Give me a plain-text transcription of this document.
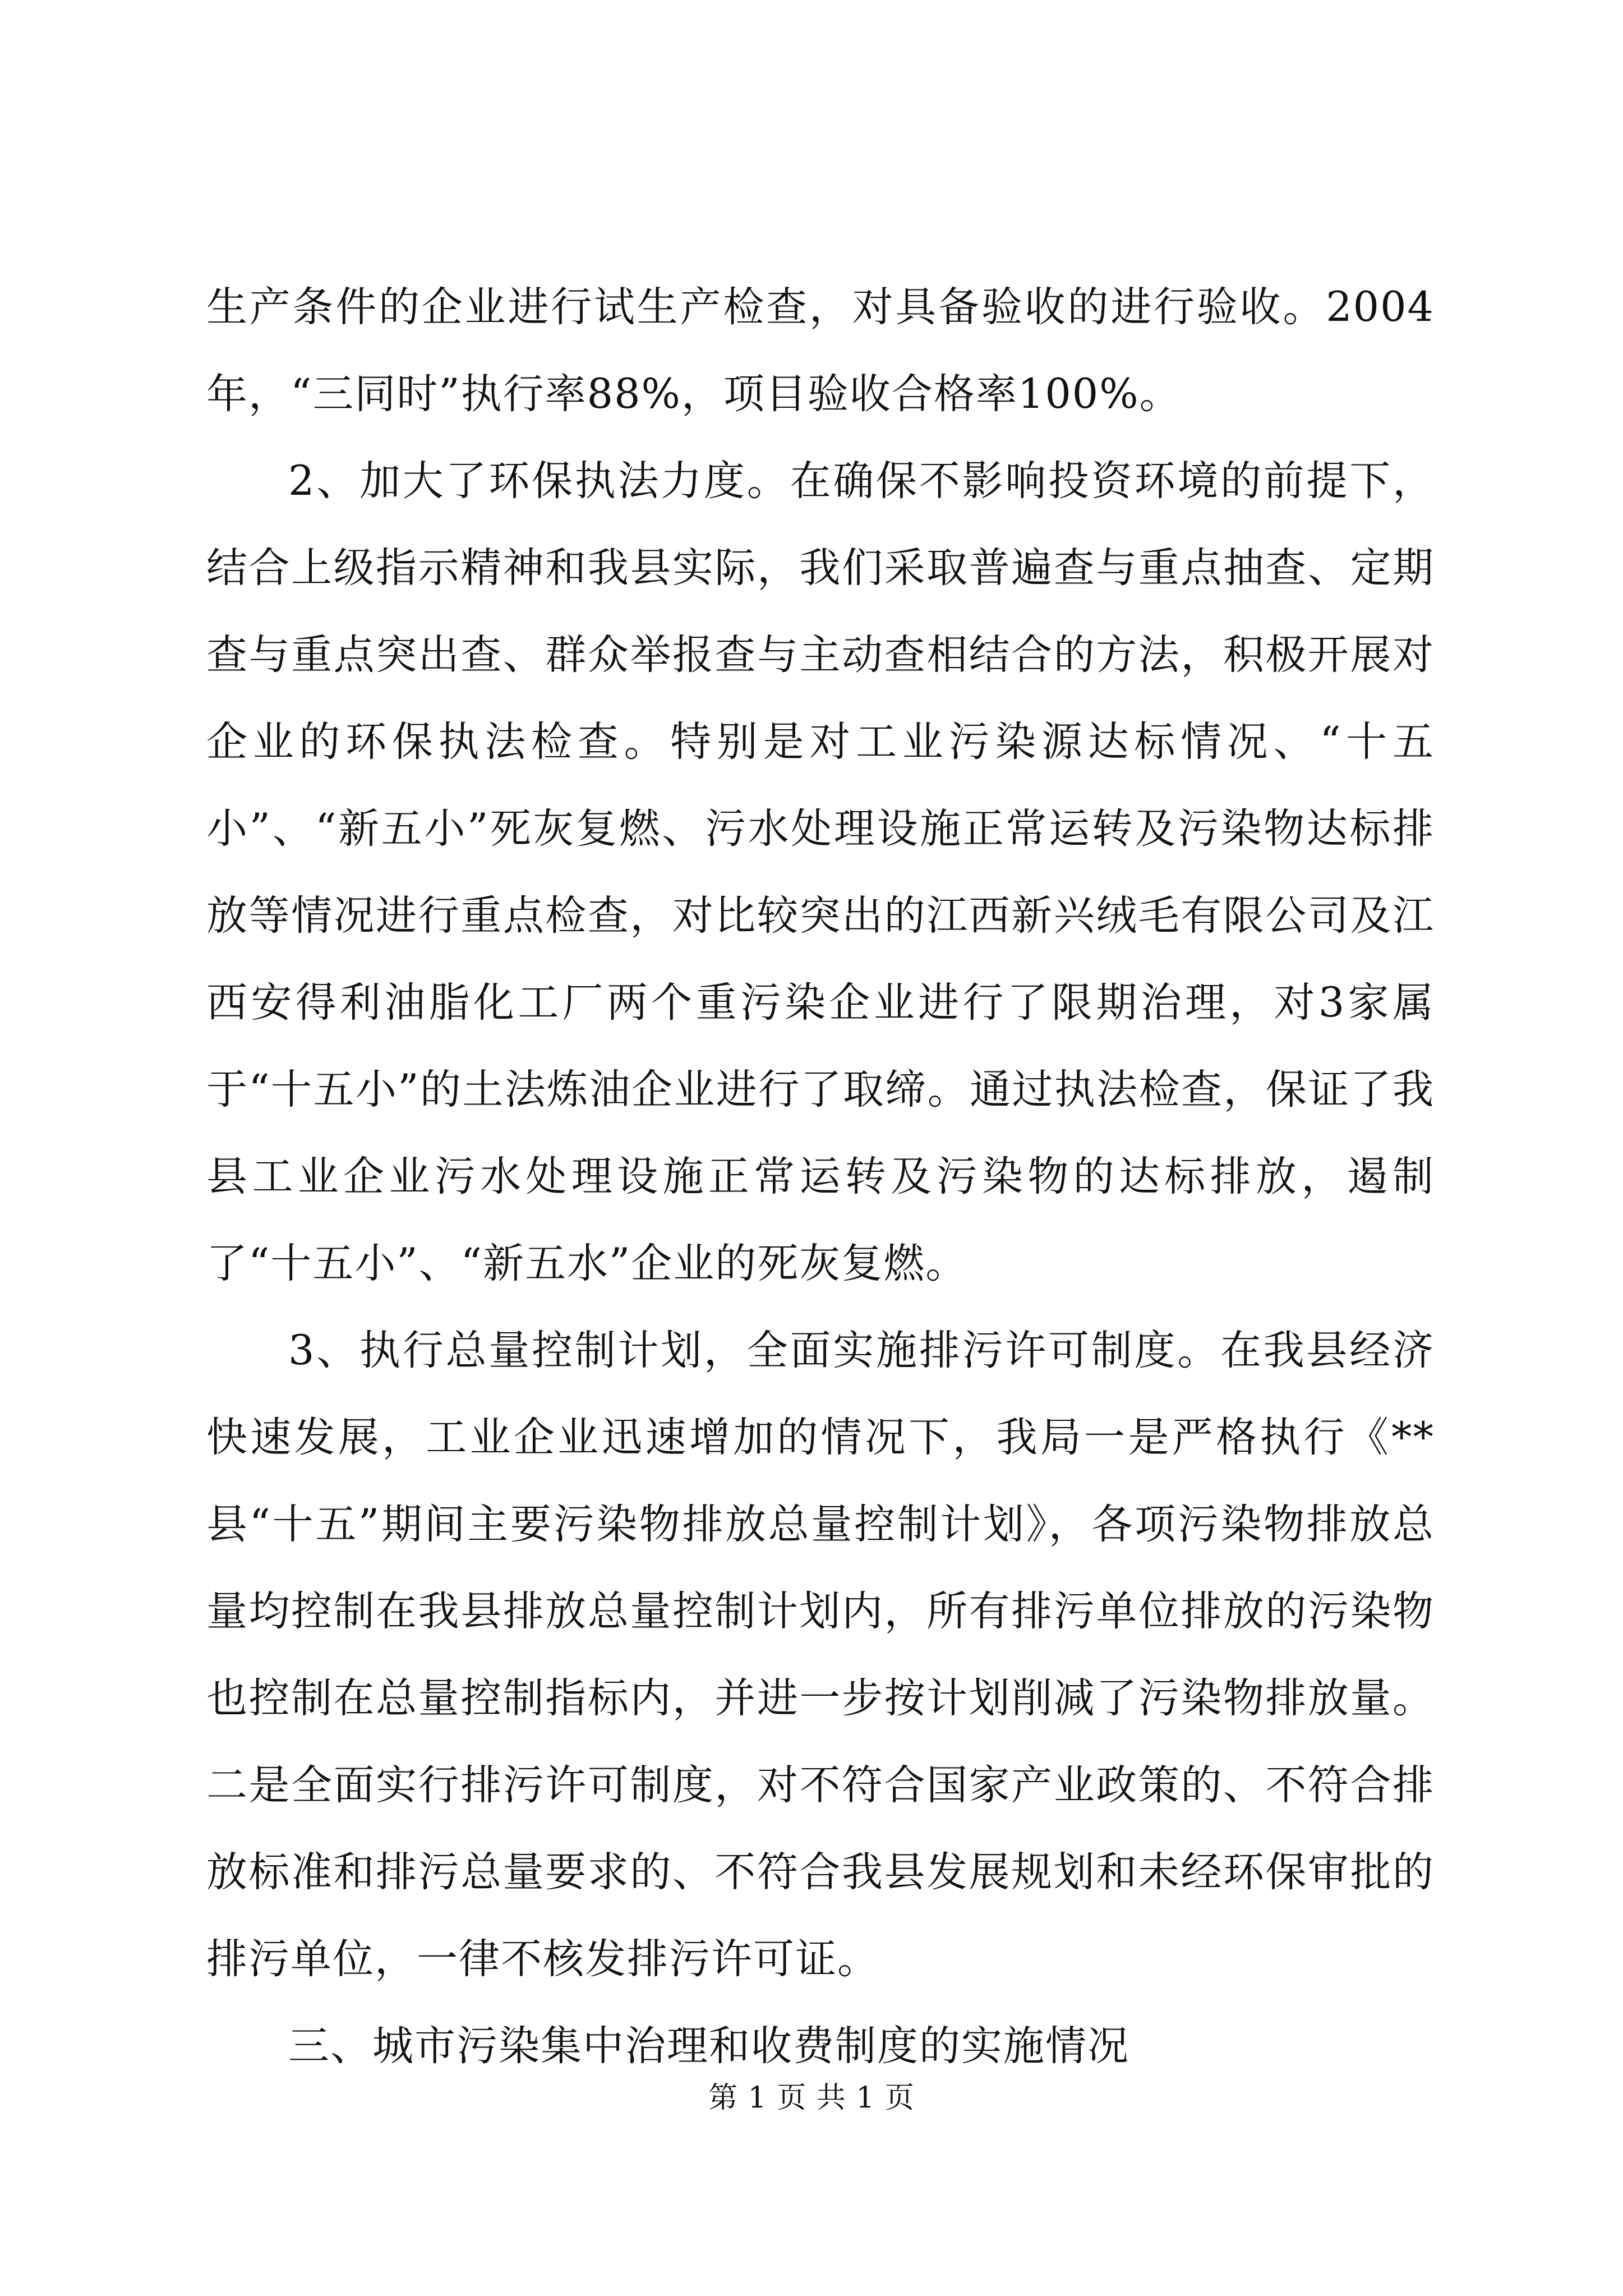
生产条件的企业进行试生产检查，对具备验收的进行验收。2004年，“三同时”执行率88%，项目验收合格率100%。

2、加大了环保执法力度。在确保不影响投资环境的前提下，结合上级指示精神和我县实际，我们采取普遍查与重点抽查、定期查与重点突出查、群众举报查与主动查相结合的方法，积极开展对企业的环保执法检查。特别是对工业污染源达标情况、“十五小”、“新五小”死灰复燃、污水处理设施正常运转及污染物达标排放等情况进行重点检查，对比较突出的江西新兴绒毛有限公司及江西安得利油脂化工厂两个重污染企业进行了限期治理，对3家属于“十五小”的土法炼油企业进行了取缔。通过执法检查，保证了我县工业企业污水处理设施正常运转及污染物的达标排放，遏制了“十五小”、“新五水”企业的死灰复燃。

3、执行总量控制计划，全面实施排污许可制度。在我县经济快速发展，工业企业迅速增加的情况下，我局一是严格执行《**县“十五”期间主要污染物排放总量控制计划》，各项污染物排放总量均控制在我县排放总量控制计划内，所有排污单位排放的污染物也控制在总量控制指标内，并进一步按计划削减了污染物排放量。二是全面实行排污许可制度，对不符合国家产业政策的、不符合排放标准和排污总量要求的、不符合我县发展规划和未经环保审批的排污单位，一律不核发排污许可证。

三、城市污染集中治理和收费制度的实施情况

第 1 页 共 1 页
